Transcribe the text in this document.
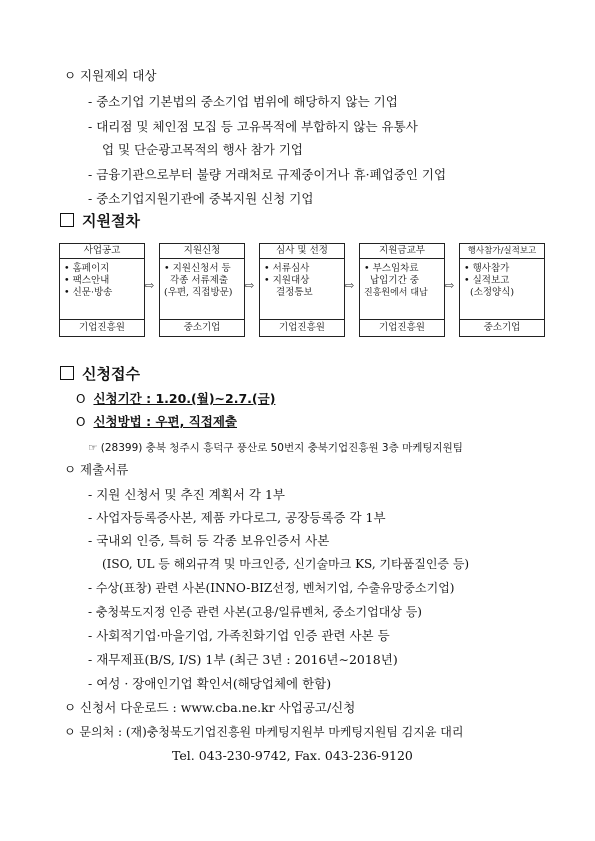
ㅇ 지원제외 대상
- 중소기업 기본법의 중소기업 범위에 해당하지 않는 기업
- 대리점 및 체인점 모집 등 고유목적에 부합하지 않는 유통사
업 및 단순광고목적의 행사 참가 기업
- 금융기관으로부터 불량 거래처로 규제중이거나 휴·폐업중인 기업
- 중소기업지원기관에 중복지원 신청 기업
지원절차
사업공고
• 홈페이지
• 팩스안내
• 신문·방송
기업진흥원
⇨
지원신청
• 지원신청서 등
각종 서류제출
(우편, 직접방문)
중소기업
⇨
심사 및 선정
• 서류심사
• 지원대상
결정통보
기업진흥원
⇨
지원금교부
• 부스임차료
납입기간 중
진흥원에서 대납
기업진흥원
⇨
행사참가/실적보고
• 행사참가
• 실적보고
(소정양식)
중소기업
신청접수
O 신청기간 : 1.20.(월)∼2.7.(금)
O 신청방법 : 우편, 직접제출
☞ (28399) 충북 청주시 흥덕구 풍산로 50번지 충북기업진흥원 3층 마케팅지원팀
ㅇ 제출서류
- 지원 신청서 및 추진 계획서 각 1부
- 사업자등록증사본, 제품 카다로그, 공장등록증 각 1부
- 국내외 인증, 특허 등 각종 보유인증서 사본
(ISO, UL 등 해외규격 및 마크인증, 신기술마크 KS, 기타품질인증 등)
- 수상(표창) 관련 사본(INNO-BIZ선정, 벤처기업, 수출유망중소기업)
- 충청북도지정 인증 관련 사본(고용/일류벤처, 중소기업대상 등)
- 사회적기업·마을기업, 가족친화기업 인증 관련 사본 등
- 재무제표(B/S, I/S) 1부 (최근 3년 : 2016년∼2018년)
- 여성 · 장애인기업 확인서(해당업체에 한함)
ㅇ 신청서 다운로드 : www.cba.ne.kr 사업공고/신청
ㅇ 문의처 : (재)충청북도기업진흥원 마케팅지원부 마케팅지원팀 김지윤 대리
Tel. 043-230-9742, Fax. 043-236-9120
